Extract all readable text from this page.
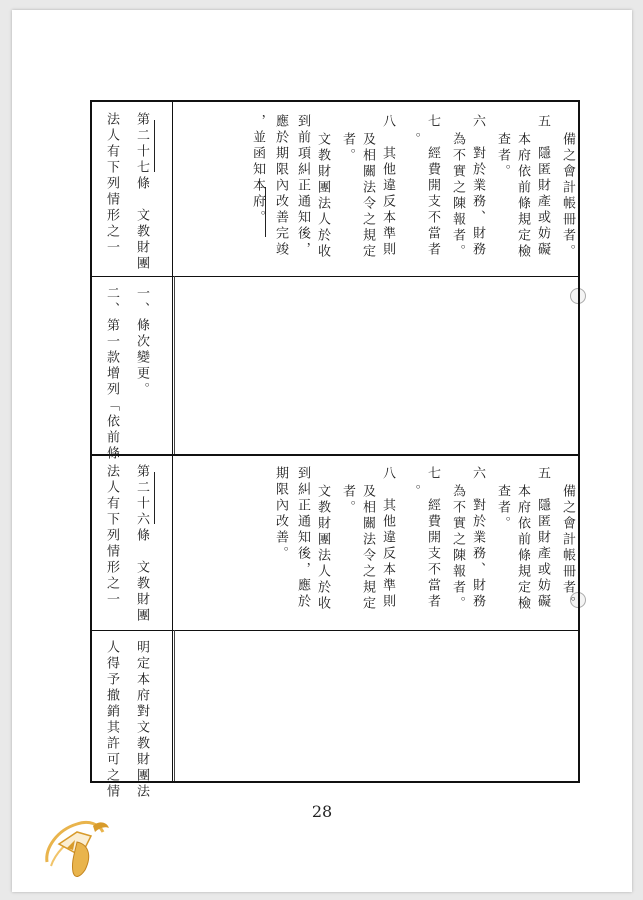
第二十七條　文教財團
法人有下列情形之一	備之會計帳冊者。
五　隱匿財產或妨礙
本府依前條規定檢
查者。
六　對於業務、財務
為不實之陳報者。
七　經費開支不當者
。
八　其他違反本準則
及相關法令之規定
者。
文教財團法人於收
到前項糾正通知後，
應於期限內改善完竣
，並函知本府。
一、條次變更。
二、第一款增列「依前條
第二十六條　文教財團
法人有下列情形之一	備之會計帳冊者。
五　隱匿財產或妨礙
本府依前條規定檢
查者。
六　對於業務、財務
為不實之陳報者。
七　經費開支不當者
。
八　其他違反本準則
及相關法令之規定
者。
文教財團法人於收
到糾正通知後，應於
期限內改善。
明定本府對文教財團法
人得予撤銷其許可之情
28
